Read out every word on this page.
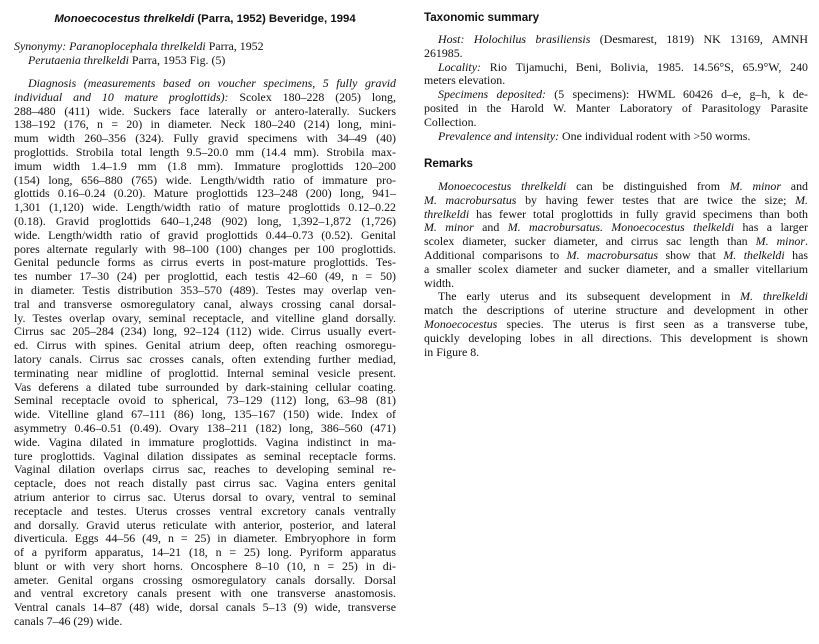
Monoecocestus threlkeldi (Parra, 1952) Beveridge, 1994
Synonymy: Paranoplocephala threlkeldi Parra, 1952
Perutaenia threlkeldi Parra, 1953 Fig. (5)
Diagnosis (measurements based on voucher specimens, 5 fully gravid
individual and 10 mature proglottids): Scolex 180–228 (205) long,
288–480 (411) wide. Suckers face laterally or antero-laterally. Suckers
138–192 (176, n = 20) in diameter. Neck 180–240 (214) long, mini-
mum width 260–356 (324). Fully gravid specimens with 34–49 (40)
proglottids. Strobila total length 9.5–20.0 mm (14.4 mm). Strobila max-
imum width 1.4–1.9 mm (1.8 mm). Immature proglottids 120–200
(154) long, 656–880 (765) wide. Length/width ratio of immature pro-
glottids 0.16–0.24 (0.20). Mature proglottids 123–248 (200) long, 941–
1,301 (1,120) wide. Length/width ratio of mature proglottids 0.12–0.22
(0.18). Gravid proglottids 640–1,248 (902) long, 1,392–1,872 (1,726)
wide. Length/width ratio of gravid proglottids 0.44–0.73 (0.52). Genital
pores alternate regularly with 98–100 (100) changes per 100 proglottids.
Genital peduncle forms as cirrus everts in post-mature proglottids. Tes-
tes number 17–30 (24) per proglottid, each testis 42–60 (49, n = 50)
in diameter. Testis distribution 353–570 (489). Testes may overlap ven-
tral and transverse osmoregulatory canal, always crossing canal dorsal-
ly. Testes overlap ovary, seminal receptacle, and vitelline gland dorsally.
Cirrus sac 205–284 (234) long, 92–124 (112) wide. Cirrus usually evert-
ed. Cirrus with spines. Genital atrium deep, often reaching osmoregu-
latory canals. Cirrus sac crosses canals, often extending further mediad,
terminating near midline of proglottid. Internal seminal vesicle present.
Vas deferens a dilated tube surrounded by dark-staining cellular coating.
Seminal receptacle ovoid to spherical, 73–129 (112) long, 63–98 (81)
wide. Vitelline gland 67–111 (86) long, 135–167 (150) wide. Index of
asymmetry 0.46–0.51 (0.49). Ovary 138–211 (182) long, 386–560 (471)
wide. Vagina dilated in immature proglottids. Vagina indistinct in ma-
ture proglottids. Vaginal dilation dissipates as seminal receptacle forms.
Vaginal dilation overlaps cirrus sac, reaches to developing seminal re-
ceptacle, does not reach distally past cirrus sac. Vagina enters genital
atrium anterior to cirrus sac. Uterus dorsal to ovary, ventral to seminal
receptacle and testes. Uterus crosses ventral excretory canals ventrally
and dorsally. Gravid uterus reticulate with anterior, posterior, and lateral
diverticula. Eggs 44–56 (49, n = 25) in diameter. Embryophore in form
of a pyriform apparatus, 14–21 (18, n = 25) long. Pyriform apparatus
blunt or with very short horns. Oncosphere 8–10 (10, n = 25) in di-
ameter. Genital organs crossing osmoregulatory canals dorsally. Dorsal
and ventral excretory canals present with one transverse anastomosis.
Ventral canals 14–87 (48) wide, dorsal canals 5–13 (9) wide, transverse
canals 7–46 (29) wide.
Taxonomic summary
Host: Holochilus brasiliensis (Desmarest, 1819) NK 13169, AMNH
261985.
Locality: Rio Tijamuchi, Beni, Bolivia, 1985. 14.56°S, 65.9°W, 240
meters elevation.
Specimens deposited: (5 specimens): HWML 60426 d–e, g–h, k de-
posited in the Harold W. Manter Laboratory of Parasitology Parasite
Collection.
Prevalence and intensity: One individual rodent with >50 worms.
Remarks
Monoecocestus threlkeldi can be distinguished from M. minor and
M. macrobursatus by having fewer testes that are twice the size; M.
threlkeldi has fewer total proglottids in fully gravid specimens than both
M. minor and M. macrobursatus. Monoecocestus thelkeldi has a larger
scolex diameter, sucker diameter, and cirrus sac length than M. minor.
Additional comparisons to M. macrobursatus show that M. thelkeldi has
a smaller scolex diameter and sucker diameter, and a smaller vitellarium
width.
The early uterus and its subsequent development in M. threlkeldi
match the descriptions of uterine structure and development in other
Monoecocestus species. The uterus is first seen as a transverse tube,
quickly developing lobes in all directions. This development is shown
in Figure 8.
